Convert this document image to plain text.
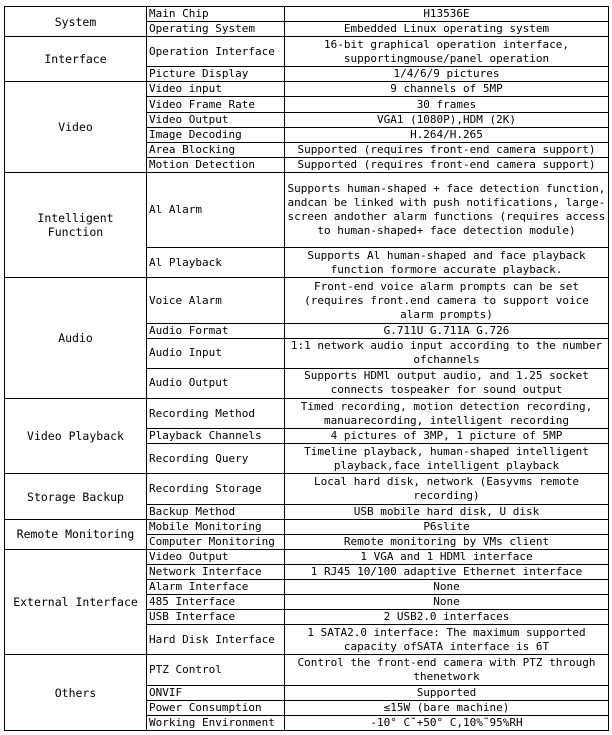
System	Main Chip	H13536E
	Operating System	Embedded Linux operating system
Interface	Operation Interface	16-bit graphical operation interface, supportingmouse/panel operation
	Picture Display	1/4/6/9 pictures
Video	Video input	9 channels of 5MP
	Video Frame Rate	30 frames
	Video Output	VGA1 (1080P),HDM (2K)
	Image Decoding	H.264/H.265
	Area Blocking	Supported (requires front-end camera support)
	Motion Detection	Supported (requires front-end camera support)
Intelligent Function	Al Alarm	Supports human-shaped + face detection function, andcan be linked with push notifications, large-screen andother alarm functions (requires access to human-shaped+ face detection module)
	Al Playback	Supports Al human-shaped and face playback function formore accurate playback.
Audio	Voice Alarm	Front-end voice alarm prompts can be set (requires front.end camera to support voice alarm prompts)
	Audio Format	G.711U G.711A G.726
	Audio Input	1:1 network audio input according to the number ofchannels
	Audio Output	Supports HDMl output audio, and 1.25 socket connects tospeaker for sound output
Video Playback	Recording Method	Timed recording, motion detection recording, manuarecording, intelligent recording
	Playback Channels	4 pictures of 3MP, 1 picture of 5MP
	Recording Query	Timeline playback, human-shaped intelligent playback,face intelligent playback
Storage Backup	Recording Storage	Local hard disk, network (Easyvms remote recording)
	Backup Method	USB mobile hard disk, U disk
Remote Monitoring	Mobile Monitoring	P6slite
	Computer Monitoring	Remote monitoring by VMs client
External Interface	Video Output	1 VGA and 1 HDMl interface
	Network Interface	1 RJ45 10/100 adaptive Ethernet interface
	Alarm Interface	None
	485 Interface	None
	USB Interface	2 USB2.0 interfaces
	Hard Disk Interface	1 SATA2.0 interface: The maximum supported capacity ofSATA interface is 6T
Others	PTZ Control	Control the front-end camera with PTZ through thenetwork
	ONVIF	Supported
	Power Consumption	≤15W (bare machine)
	Working Environment	-10° C˜+50° C,10%˜95%RH
